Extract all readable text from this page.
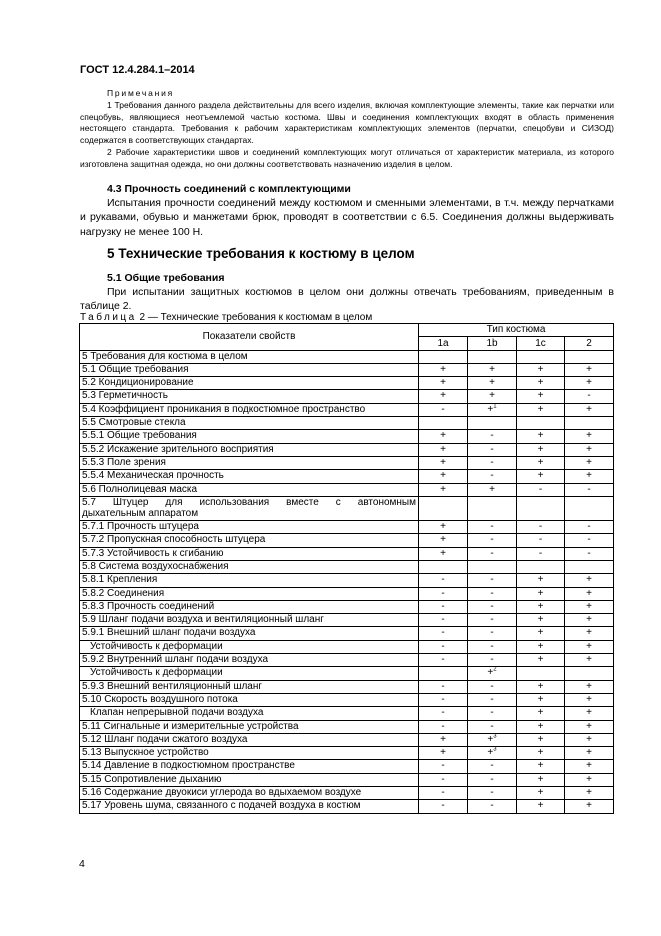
ГОСТ 12.4.284.1–2014
Примечания

1 Требования данного раздела действительны для всего изделия, включая комплектующие элементы, такие как перчатки или спецобувь, являющиеся неотъемлемой частью костюма. Швы и соединения комплектующих входят в область применения нестоящего стандарта. Требования к рабочим характеристикам комплектующих элементов (перчатки, спецобуви и СИЗОД) содержатся в соответствующих стандартах.

2 Рабочие характеристики швов и соединений комплектующих могут отличаться от характеристик материала, из которого изготовлена защитная одежда, но они должны соответствовать назначению изделия в целом.

4.3 Прочность соединений с комплектующими

Испытания прочности соединений между костюмом и сменными элементами, в т.ч. между перчатками и рукавами, обувью и манжетами брюк, проводят в соответствии с 6.5. Соединения должны выдерживать нагрузку не менее 100 Н.

5 Технические требования к костюму в целом
5.1 Общие требования

При испытании защитных костюмов в целом они должны отвечать требованиям, приведенным в таблице 2.

Таблица 2 — Технические требования к костюмам в целом
Показатели свойств	Тип костюма			
	1a	1b	1c	2
5 Требования для костюма в целом				
5.1 Общие требования	+	+	+	+
5.2 Кондиционирование	+	+	+	+
5.3 Герметичность	+	+	+	-
5.4 Коэффициент проникания в подкостюмное пространство	-	+$^1$	+	+
5.5 Смотровые стекла				
5.5.1 Общие требования	+	-	+	+
5.5.2 Искажение зрительного восприятия	+	-	+	+
5.5.3 Поле зрения	+	-	+	+
5.5.4 Механическая прочность	+	-	+	+
5.6 Полнолицевая маска	+	+	-	-

5.7 Штуцер для использования вместе с автономным
дыхательным аппаратом				

5.7.1 Прочность штуцера	+	-	-	-
5.7.2 Пропускная способность штуцера	+	-	-	-
5.7.3 Устойчивость к сгибанию	+	-	-	-
5.8 Система воздухоснабжения				
5.8.1 Крепления	-	-	+	+
5.8.2 Соединения	-	-	+	+
5.8.3 Прочность соединений	-	-	+	+
5.9 Шланг подачи воздуха и вентиляционный шланг	-	-	+	+
5.9.1 Внешний шланг подачи воздуха	-	-	+	+
Устойчивость к деформации	-	-	+	+
5.9.2 Внутренний шланг подачи воздуха	-	-	+	+
Устойчивость к деформации		+$^2$		
5.9.3 Внешний вентиляционный шланг	-	-	+	+
5.10 Скорость воздушного потока	-	-	+	+
Клапан непрерывной подачи воздуха	-	-	+	+
5.11 Сигнальные и измерительные устройства	-	-	+	+
5.12 Шланг подачи сжатого воздуха	+	+$^3$	+	+
5.13 Выпускное устройство	+	+$^3$	+	+
5.14 Давление в подкостюмном пространстве	-	-	+	+
5.15 Сопротивление дыханию	-	-	+	+
5.16 Содержание двуокиси углерода во вдыхаемом воздухе	-	-	+	+
5.17 Уровень шума, связанного с подачей воздуха в костюм	-	-	+	+
4
